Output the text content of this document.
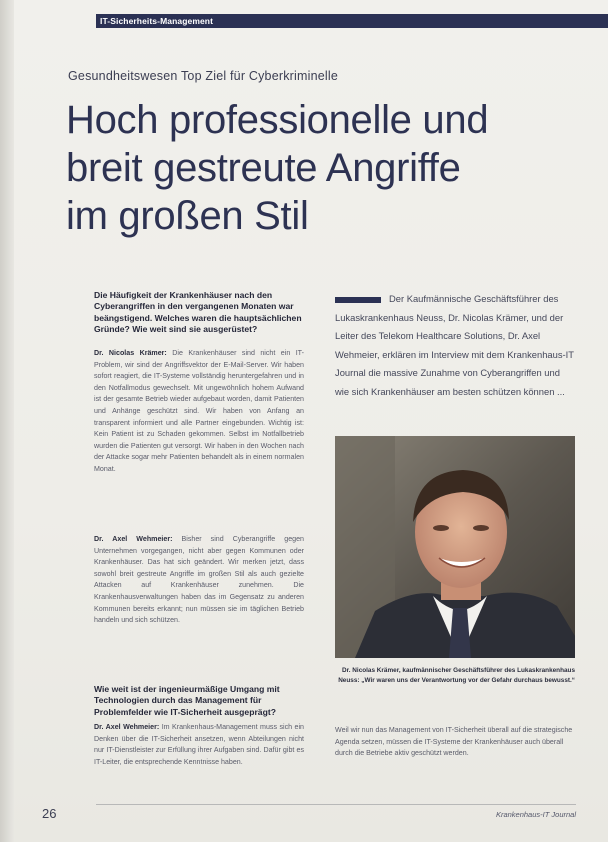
IT-Sicherheits-Management
Gesundheitswesen Top Ziel für Cyberkriminelle
Hoch professionelle und
breit gestreute Angriffe
im großen Stil
Die Häufigkeit der Krankenhäuser nach den Cyberangriffen in den vergangenen Monaten war beängstigend. Welches waren die hauptsächlichen Gründe? Wie weit sind sie ausgerüstet?
Dr. Nicolas Krämer: Die Krankenhäuser sind nicht ein IT-Problem, wir sind der Angriffsvektor der E-Mail-Server. Wir haben sofort reagiert, die IT-Systeme vollständig heruntergefahren und in den Notfallmodus gewechselt. Mit ungewöhnlich hohem Aufwand ist der gesamte Betrieb wieder aufgebaut worden, damit Patienten und Anhänge geschützt sind. Wir haben von Anfang an transparent informiert und alle Partner eingebunden. Wichtig ist: Kein Patient ist zu Schaden gekommen. Selbst im Notfallbetrieb wurden die Patienten gut versorgt. Wir haben in den Wochen nach der Attacke sogar mehr Patienten behandelt als in einem normalen Monat.
Dr. Axel Wehmeier: Bisher sind Cyberangriffe gegen Unternehmen vorgegangen, nicht aber gegen Kommunen oder Krankenhäuser. Das hat sich geändert. Wir merken jetzt, dass sowohl breit gestreute Angriffe im großen Stil als auch gezielte Attacken auf Krankenhäuser zunehmen. Die Krankenhausverwaltungen haben das im Gegensatz zu anderen Kommunen bereits erkannt; nun müssen sie im täglichen Betrieb handeln und sich schützen.
Wie weit ist der ingenieurmäßige Umgang mit Technologien durch das Management für Problemfelder wie IT-Sicherheit ausgeprägt?
Dr. Axel Wehmeier: Im Krankenhaus-Management muss sich ein Denken über die IT-Sicherheit ansetzen, wenn Abteilungen nicht nur IT-Dienstleister zur Erfüllung ihrer Aufgaben sind. Dafür gibt es IT-Leiter, die entsprechende Kenntnisse haben.
Der Kaufmännische Geschäftsführer des Lukaskrankenhaus Neuss, Dr. Nicolas Krämer, und der Leiter des Telekom Healthcare Solutions, Dr. Axel Wehmeier, erklären im Interview mit dem Krankenhaus-IT Journal die massive Zunahme von Cyberangriffen und wie sich Krankenhäuser am besten schützen können ...
Dr. Nicolas Krämer, kaufmännischer Geschäftsführer des Lukaskrankenhaus Neuss: „Wir waren uns der Verantwortung vor der Gefahr durchaus bewusst.“
Weil wir nun das Management von IT-Sicherheit überall auf die strategische Agenda setzen, müssen die IT-Systeme der Krankenhäuser auch überall durch die Betriebe aktiv geschützt werden.
26	Krankenhaus-IT Journal
